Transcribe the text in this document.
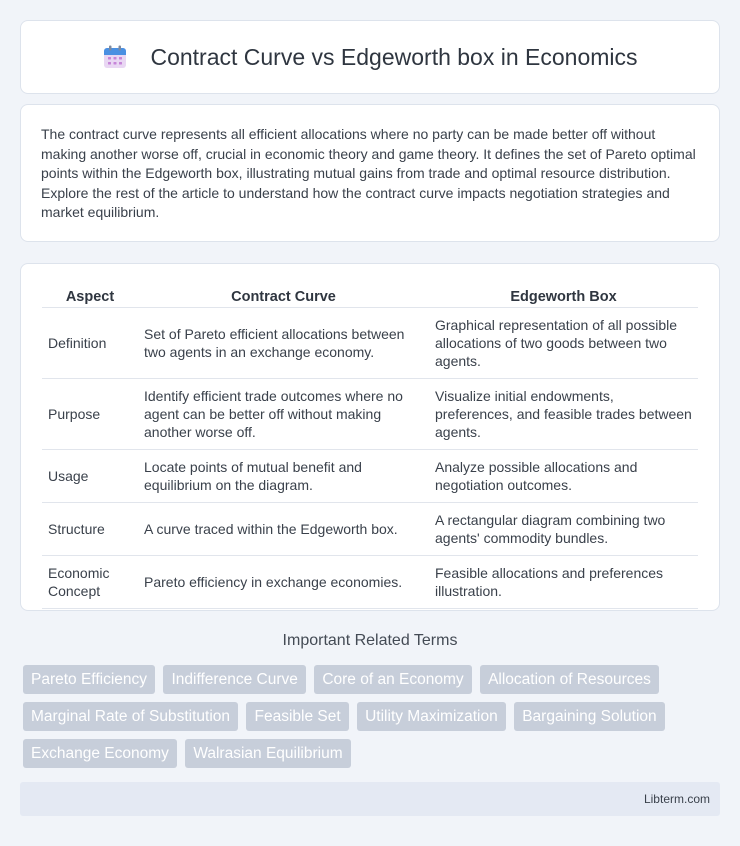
Contract Curve vs Edgeworth box in Economics

The contract curve represents all efficient allocations where no party can be made better off without making another worse off, crucial in economic theory and game theory. It defines the set of Pareto optimal points within the Edgeworth box, illustrating mutual gains from trade and optimal resource distribution. Explore the rest of the article to understand how the contract curve impacts negotiation strategies and market equilibrium.

Aspect	Contract Curve	Edgeworth Box
Definition	Set of Pareto efficient allocations between two agents in an exchange economy.	Graphical representation of all possible allocations of two goods between two agents.
Purpose	Identify efficient trade outcomes where no agent can be better off without making another worse off.	Visualize initial endowments, preferences, and feasible trades between agents.
Usage	Locate points of mutual benefit and equilibrium on the diagram.	Analyze possible allocations and negotiation outcomes.
Structure	A curve traced within the Edgeworth box.	A rectangular diagram combining two agents' commodity bundles.
Economic Concept	Pareto efficiency in exchange economies.	Feasible allocations and preferences illustration.
Important Related Terms
Pareto Efficiency Indifference Curve Core of an Economy Allocation of Resources
Marginal Rate of Substitution Feasible Set Utility Maximization Bargaining Solution
Exchange Economy Walrasian Equilibrium
Libterm.com
